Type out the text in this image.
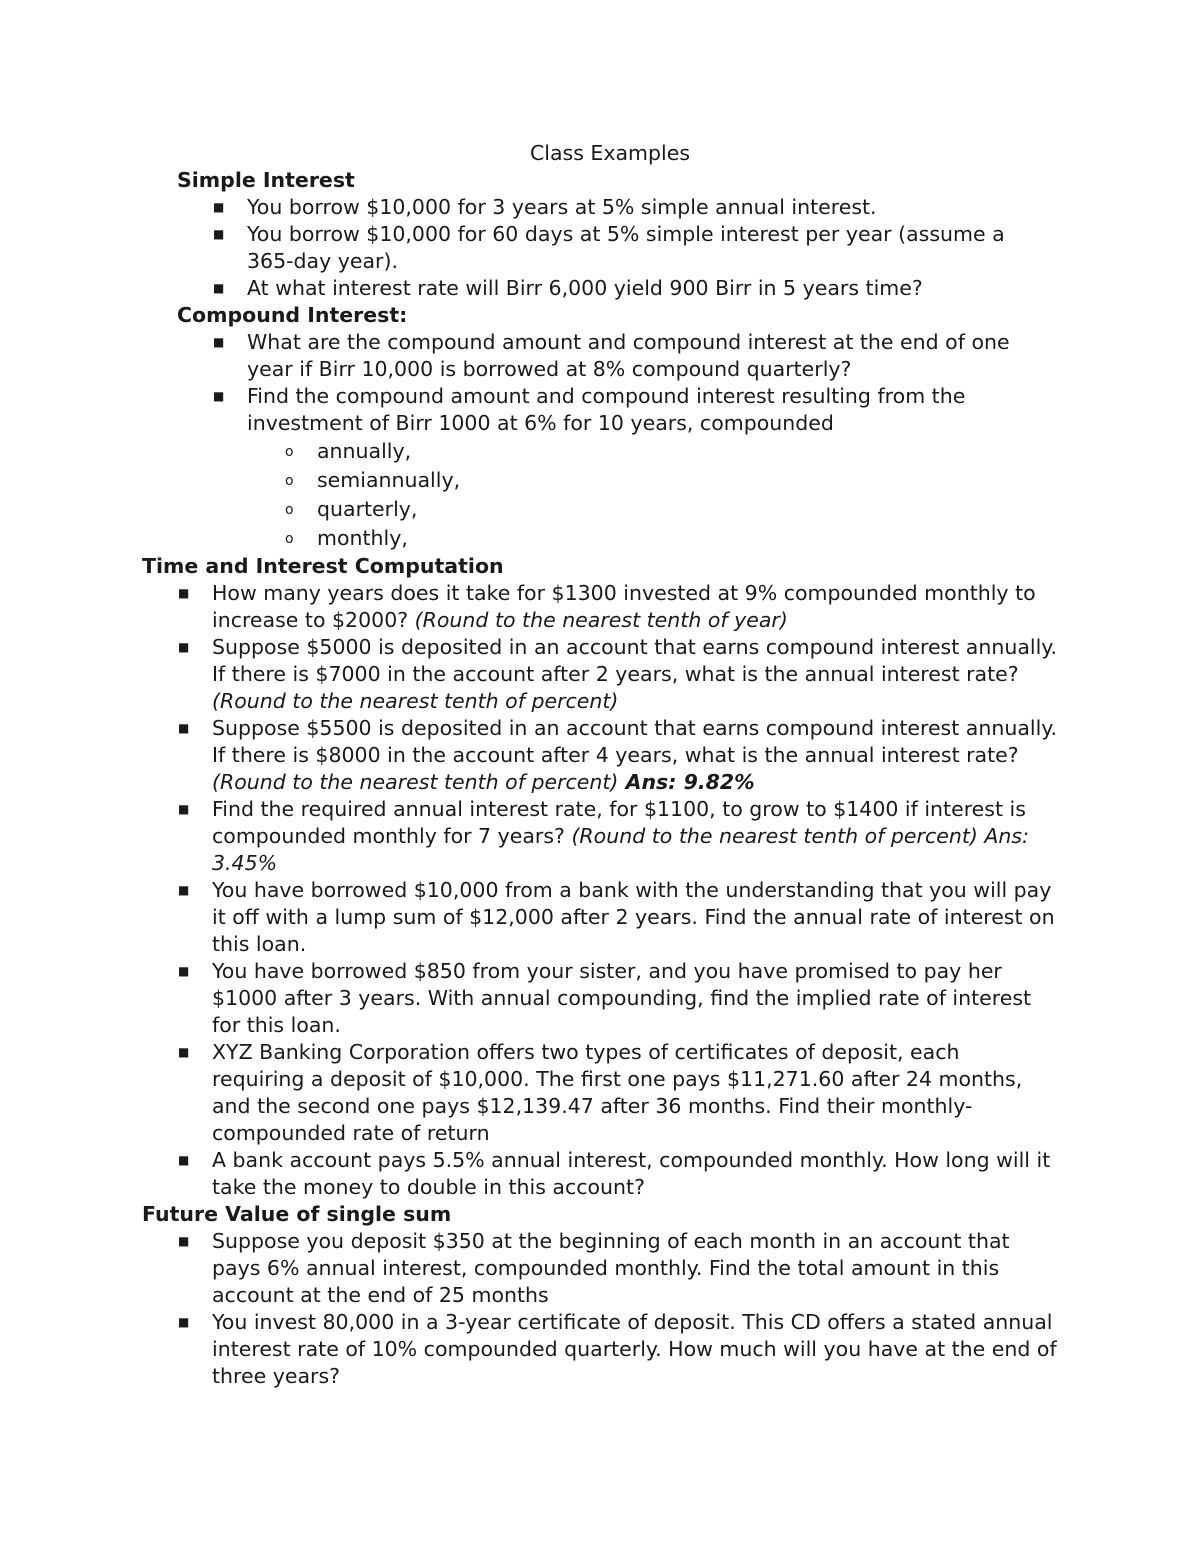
Class Examples
Simple Interest
■ You borrow $10,000 for 3 years at 5% simple annual interest.
■ You borrow $10,000 for 60 days at 5% simple interest per year (assume a 365-day year).
■ At what interest rate will Birr 6,000 yield 900 Birr in 5 years time?
Compound Interest:
■ What are the compound amount and compound interest at the end of one year if Birr 10,000 is borrowed at 8% compound quarterly?
■ Find the compound amount and compound interest resulting from the investment of Birr 1000 at 6% for 10 years, compounded
o annually,
o semiannually,
o quarterly,
o monthly,
Time and Interest Computation
■ How many years does it take for $1300 invested at 9% compounded monthly to increase to $2000? (Round to the nearest tenth of year)
■ Suppose $5000 is deposited in an account that earns compound interest annually. If there is $7000 in the account after 2 years, what is the annual interest rate? (Round to the nearest tenth of percent)
■ Suppose $5500 is deposited in an account that earns compound interest annually. If there is $8000 in the account after 4 years, what is the annual interest rate? (Round to the nearest tenth of percent) Ans: 9.82%
■ Find the required annual interest rate, for $1100, to grow to $1400 if interest is compounded monthly for 7 years? (Round to the nearest tenth of percent) Ans: 3.45%
■ You have borrowed $10,000 from a bank with the understanding that you will pay it off with a lump sum of $12,000 after 2 years. Find the annual rate of interest on this loan.
■ You have borrowed $850 from your sister, and you have promised to pay her $1000 after 3 years. With annual compounding, find the implied rate of interest for this loan.
■ XYZ Banking Corporation offers two types of certificates of deposit, each requiring a deposit of $10,000. The first one pays $11,271.60 after 24 months, and the second one pays $12,139.47 after 36 months. Find their monthly-compounded rate of return
■ A bank account pays 5.5% annual interest, compounded monthly. How long will it take the money to double in this account?
Future Value of single sum
■ Suppose you deposit $350 at the beginning of each month in an account that pays 6% annual interest, compounded monthly. Find the total amount in this account at the end of 25 months
■ You invest 80,000 in a 3-year certificate of deposit. This CD offers a stated annual interest rate of 10% compounded quarterly. How much will you have at the end of three years?
